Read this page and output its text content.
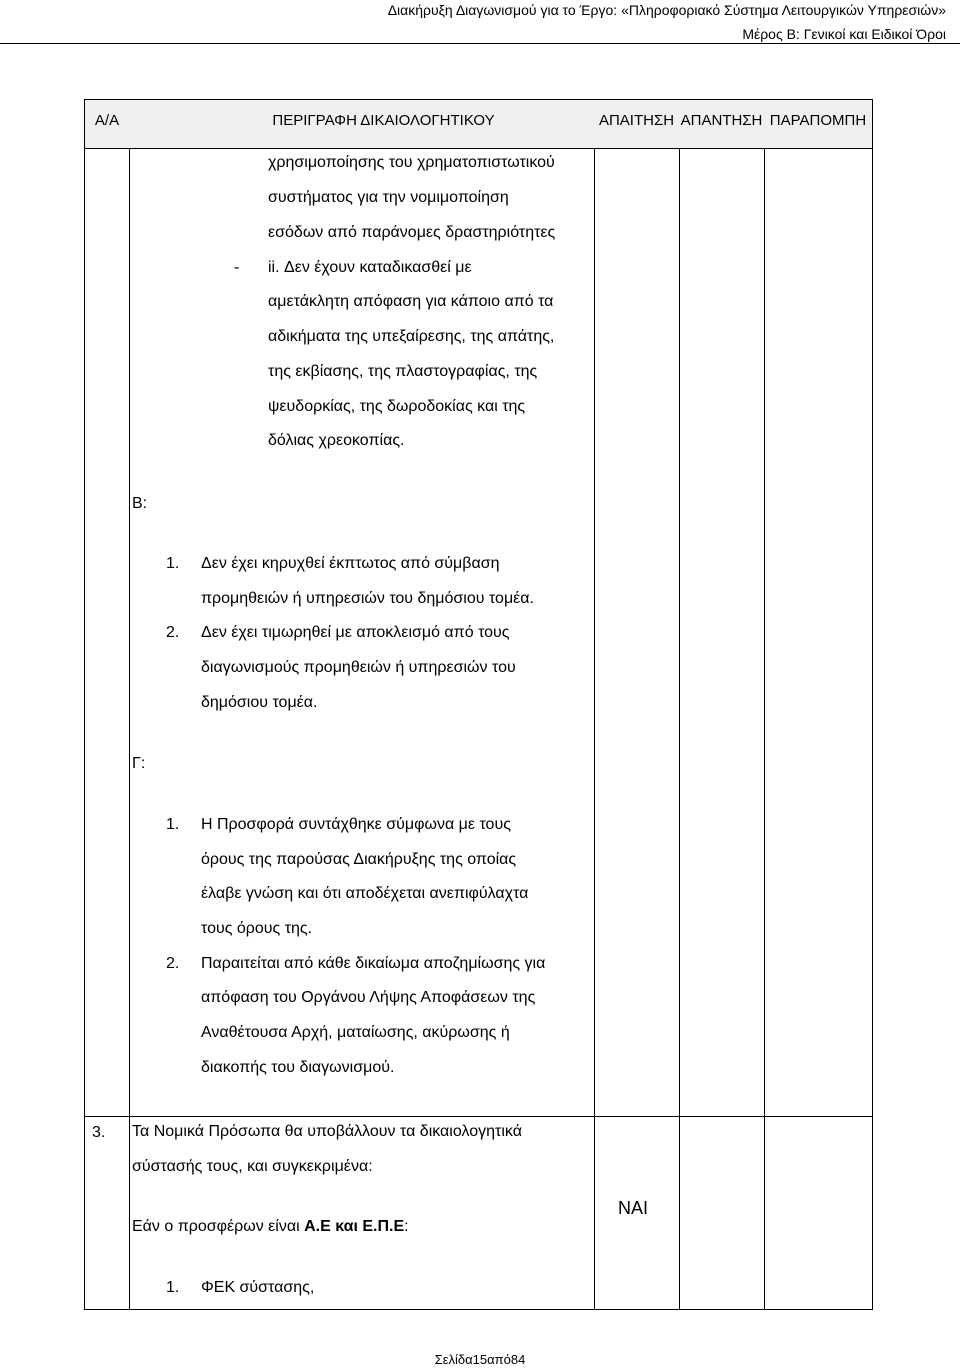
Διακήρυξη Διαγωνισμού για το Έργο: «Πληροφοριακό Σύστημα Λειτουργικών Υπηρεσιών»
Μέρος Β: Γενικοί και Ειδικοί Όροι
Α/Α	ΠΕΡΙΓΡΑΦΗ ΔΙΚΑΙΟΛΟΓΗΤΙΚΟΥ	ΑΠΑΙΤΗΣΗ ΑΠΑΝΤΗΣΗ ΠΑΡΑΠΟΜΠΗ
χρησιμοποίησης του χρηματοπιστωτικού
συστήματος για την νομιμοποίηση
εσόδων από παράνομες δραστηριότητες
- ii. Δεν έχουν καταδικασθεί με
αμετάκλητη απόφαση για κάποιο από τα
αδικήματα της υπεξαίρεσης, της απάτης,
της εκβίασης, της πλαστογραφίας, της
ψευδορκίας, της δωροδοκίας και της
δόλιας χρεοκοπίας.
Β:
1. Δεν έχει κηρυχθεί έκπτωτος από σύμβαση
προμηθειών ή υπηρεσιών του δημόσιου τομέα.
2. Δεν έχει τιμωρηθεί με αποκλεισμό από τους
διαγωνισμούς προμηθειών ή υπηρεσιών του
δημόσιου τομέα.
Γ:
1. Η Προσφορά συντάχθηκε σύμφωνα με τους
όρους της παρούσας Διακήρυξης της οποίας
έλαβε γνώση και ότι αποδέχεται ανεπιφύλαχτα
τους όρους της.
2. Παραιτείται από κάθε δικαίωμα αποζημίωσης για
απόφαση του Οργάνου Λήψης Αποφάσεων της
Αναθέτουσα Αρχή, ματαίωσης, ακύρωσης ή
διακοπής του διαγωνισμού.
3. Τα Νομικά Πρόσωπα θα υποβάλλουν τα δικαιολογητικά
σύστασής τους, και συγκεκριμένα:
Εάν ο προσφέρων είναι Α.Ε και Ε.Π.Ε:
ΝΑΙ
1. ΦΕΚ σύστασης,
Σελίδα15από84
